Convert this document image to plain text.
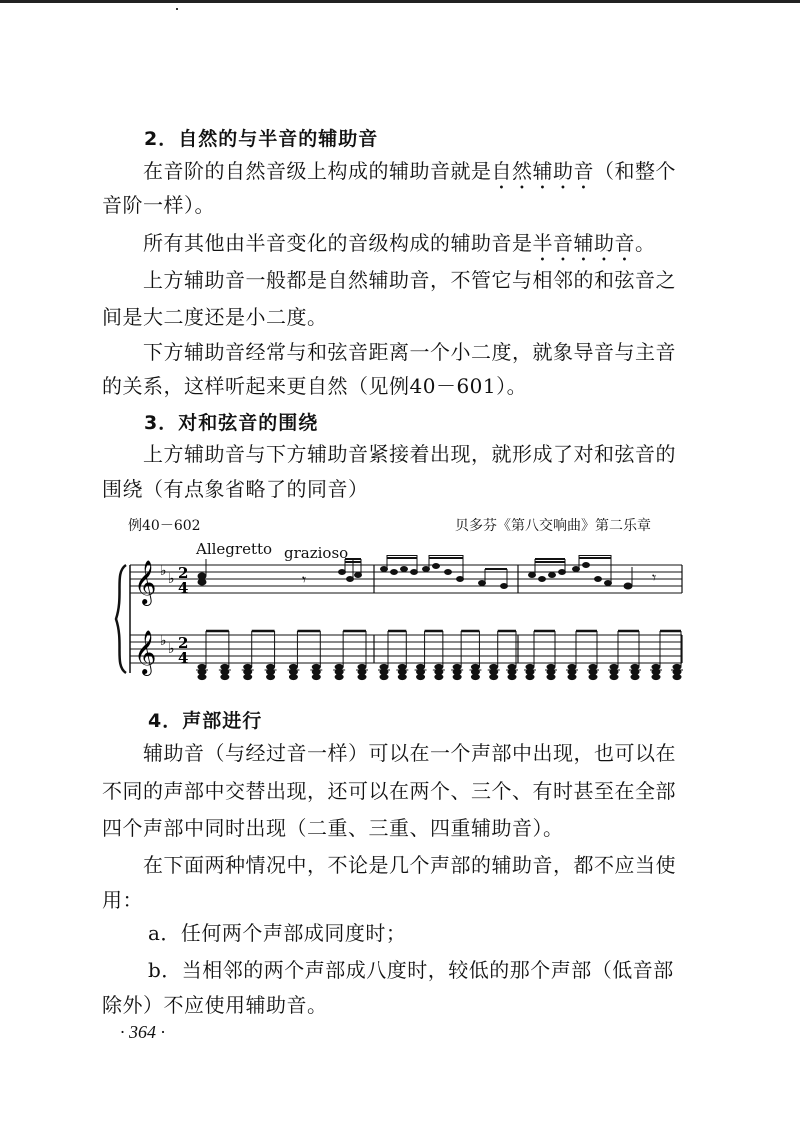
2．自然的与半音的辅助音
在音阶的自然音级上构成的辅助音就是自然辅助音（和整个
音阶一样）。
所有其他由半音变化的音级构成的辅助音是半音辅助音。
上方辅助音一般都是自然辅助音，不管它与相邻的和弦音之
间是大二度还是小二度。
下方辅助音经常与和弦音距离一个小二度，就象导音与主音
的关系，这样听起来更自然（见例40－601）。
3．对和弦音的围绕
上方辅助音与下方辅助音紧接着出现，就形成了对和弦音的
围绕（有点象省略了的同音）
例40－602	贝多芬《第八交响曲》第二乐章
Allegretto grazioso
𝄞
𝄞
♭ ♭
♭ ♭
2
4
2
4
𝄾	𝄾
4．声部进行
辅助音（与经过音一样）可以在一个声部中出现，也可以在
不同的声部中交替出现，还可以在两个、三个、有时甚至在全部
四个声部中同时出现（二重、三重、四重辅助音）。
在下面两种情况中，不论是几个声部的辅助音，都不应当使
用：
a．任何两个声部成同度时；
b．当相邻的两个声部成八度时，较低的那个声部（低音部
除外）不应使用辅助音。
· 364 ·
